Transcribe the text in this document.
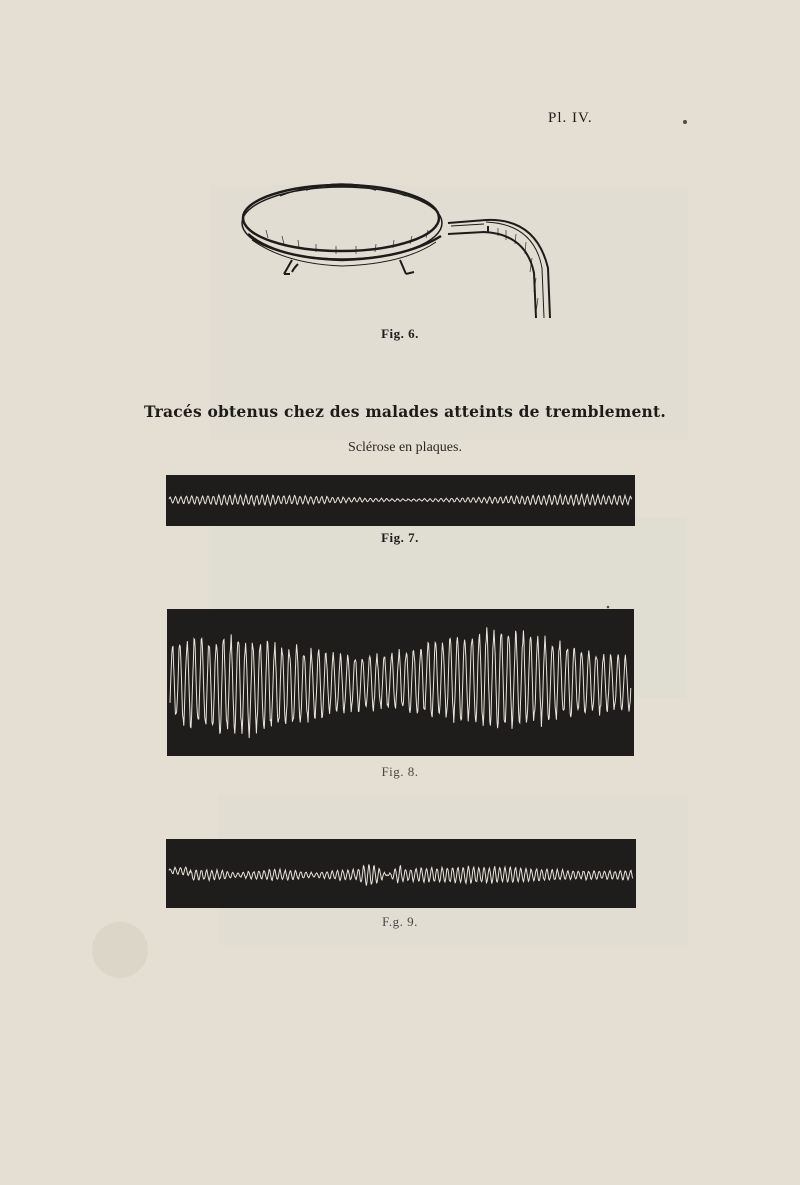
Pl. IV.
Fig. 6.
Tracés obtenus chez des malades atteints de tremblement.
Sclérose en plaques.
Fig. 7.
Fig. 8.
F.g. 9.
